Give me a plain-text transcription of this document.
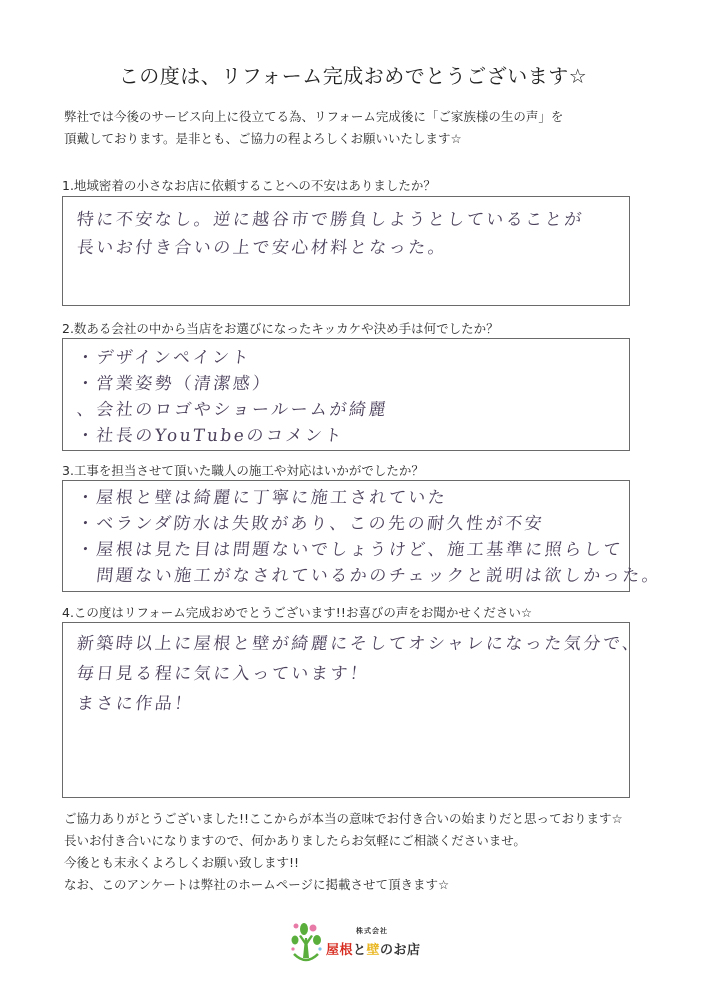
この度は、リフォーム完成おめでとうございます☆
弊社では今後のサービス向上に役立てる為、リフォーム完成後に「ご家族様の生の声」を
頂戴しております。是非とも、ご協力の程よろしくお願いいたします☆
1.地域密着の小さなお店に依頼することへの不安はありましたか？
特に不安なし。逆に越谷市で勝負しようとしていることが
長いお付き合いの上で安心材料となった。
2.数ある会社の中から当店をお選びになったキッカケや決め手は何でしたか？
・デザインペイント
・営業姿勢（清潔感）
、会社のロゴやショールームが綺麗
・社長のYouTubeのコメント
3.工事を担当させて頂いた職人の施工や対応はいかがでしたか？
・屋根と壁は綺麗に丁寧に施工されていた
・ベランダ防水は失敗があり、この先の耐久性が不安
・屋根は見た目は問題ないでしょうけど、施工基準に照らして
　問題ない施工がなされているかのチェックと説明は欲しかった。
4.この度はリフォーム完成おめでとうございます!!お喜びの声をお聞かせください☆
新築時以上に屋根と壁が綺麗にそしてオシャレになった気分で、
毎日見る程に気に入っています！
まさに作品！
ご協力ありがとうございました!!ここからが本当の意味でお付き合いの始まりだと思っております☆
長いお付き合いになりますので、何かありましたらお気軽にご相談くださいませ。
今後とも末永くよろしくお願い致します!!
なお、このアンケートは弊社のホームページに掲載させて頂きます☆
株式会社
屋根と壁のお店
